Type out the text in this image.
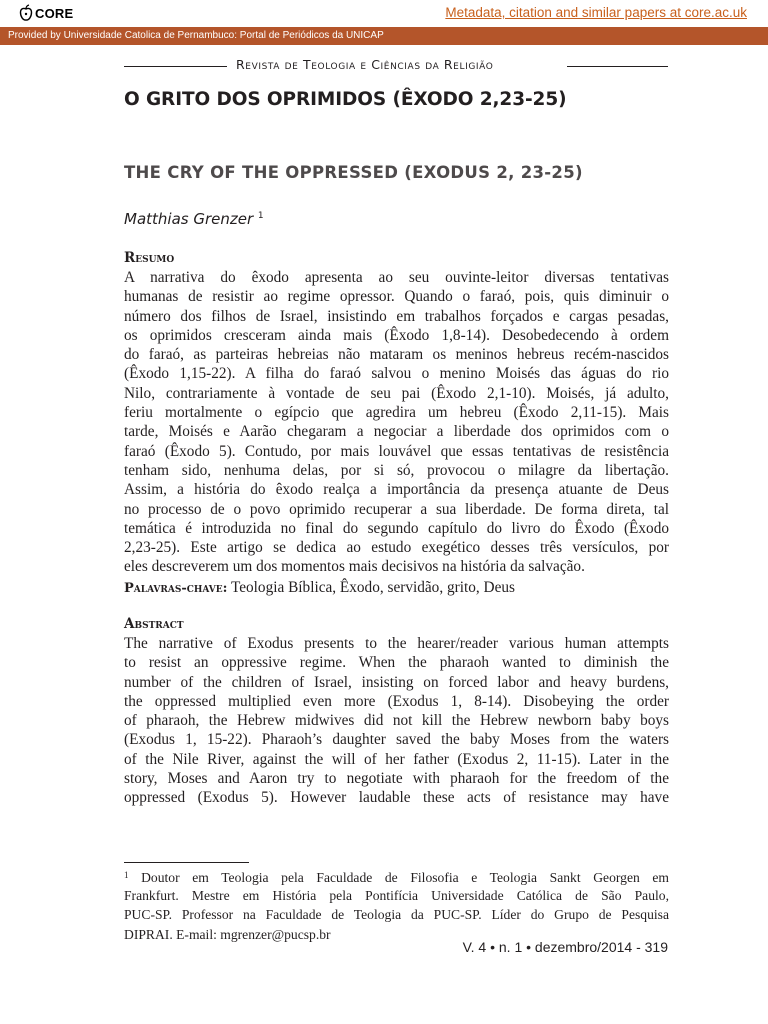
CORE	Metadata, citation and similar papers at core.ac.uk
Provided by Universidade Catolica de Pernambuco: Portal de Periódicos da UNICAP
Revista de Teologia e Ciências da Religião
O GRITO DOS OPRIMIDOS (ÊXODO 2,23-25)
THE CRY OF THE OPPRESSED (EXODUS 2, 23-25)
Matthias Grenzer $^1$
Resumo
A narrativa do êxodo apresenta ao seu ouvinte-leitor diversas tentativas
humanas de resistir ao regime opressor. Quando o faraó, pois, quis diminuir o
número dos filhos de Israel, insistindo em trabalhos forçados e cargas pesadas,
os oprimidos cresceram ainda mais (Êxodo 1,8-14). Desobedecendo à ordem
do faraó, as parteiras hebreias não mataram os meninos hebreus recém-nascidos
(Êxodo 1,15-22). A filha do faraó salvou o menino Moisés das águas do rio
Nilo, contrariamente à vontade de seu pai (Êxodo 2,1-10). Moisés, já adulto,
feriu mortalmente o egípcio que agredira um hebreu (Êxodo 2,11-15). Mais
tarde, Moisés e Aarão chegaram a negociar a liberdade dos oprimidos com o
faraó (Êxodo 5). Contudo, por mais louvável que essas tentativas de resistência
tenham sido, nenhuma delas, por si só, provocou o milagre da libertação.
Assim, a história do êxodo realça a importância da presença atuante de Deus
no processo de o povo oprimido recuperar a sua liberdade. De forma direta, tal
temática é introduzida no final do segundo capítulo do livro do Êxodo (Êxodo
2,23-25). Este artigo se dedica ao estudo exegético desses três versículos, por
eles descreverem um dos momentos mais decisivos na história da salvação.
Palavras-chave: Teologia Bíblica, Êxodo, servidão, grito, Deus
Abstract
The narrative of Exodus presents to the hearer/reader various human attempts
to resist an oppressive regime. When the pharaoh wanted to diminish the
number of the children of Israel, insisting on forced labor and heavy burdens,
the oppressed multiplied even more (Exodus 1, 8-14). Disobeying the order
of pharaoh, the Hebrew midwives did not kill the Hebrew newborn baby boys
(Exodus 1, 15-22). Pharaoh’s daughter saved the baby Moses from the waters
of the Nile River, against the will of her father (Exodus 2, 11-15). Later in the
story, Moses and Aaron try to negotiate with pharaoh for the freedom of the
oppressed (Exodus 5). However laudable these acts of resistance may have
$^1$ Doutor em Teologia pela Faculdade de Filosofia e Teologia Sankt Georgen em
Frankfurt. Mestre em História pela Pontifícia Universidade Católica de São Paulo,
PUC-SP. Professor na Faculdade de Teologia da PUC-SP. Líder do Grupo de Pesquisa
DIPRAI. E-mail: mgrenzer@pucsp.br
V. 4 • n. 1 • dezembro/2014 - 319
